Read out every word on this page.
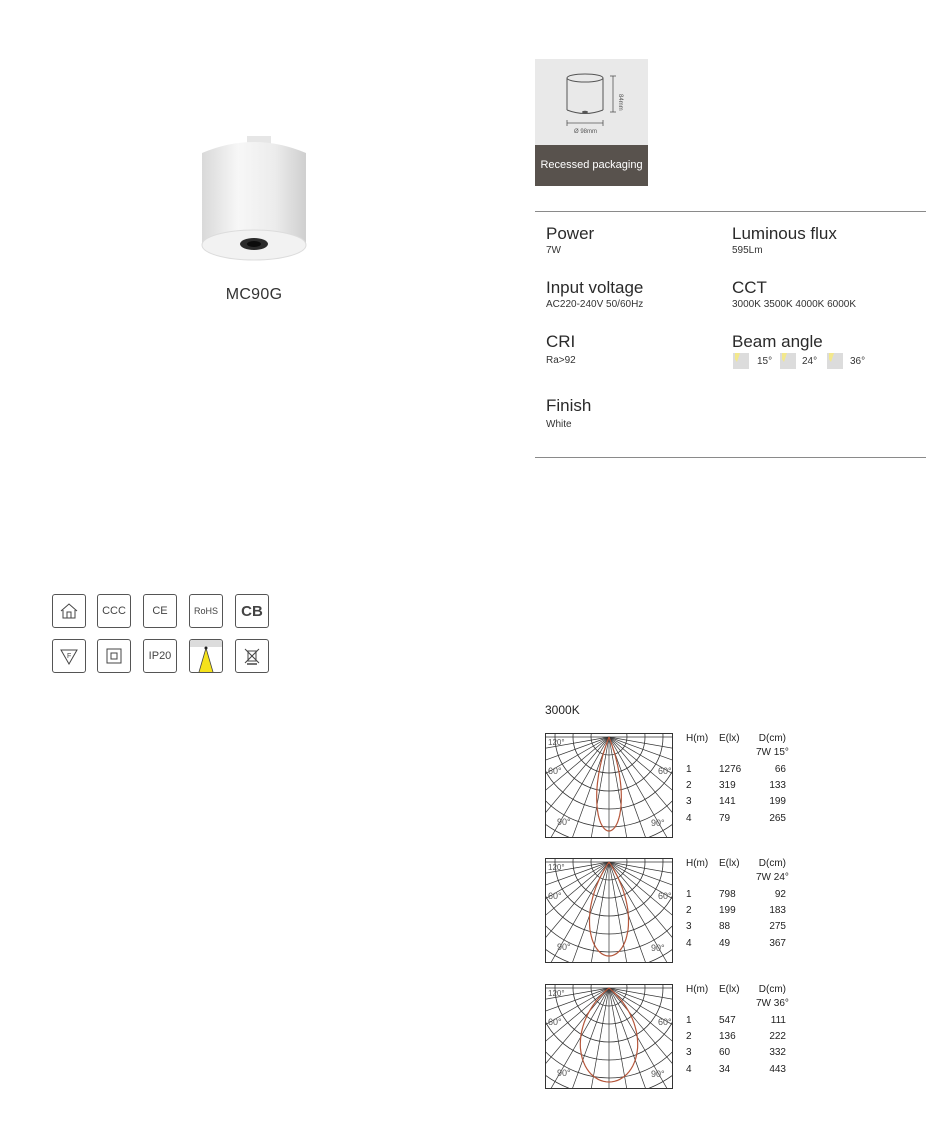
MC90G
84mm
Ø 98mm
Recessed packaging
Power
7W
Luminous flux
595Lm
Input voltage
AC220-240V 50/60Hz
CCT
3000K 3500K 4000K 6000K
CRI
Ra>92
Beam angle
15°	24°	36°
Finish
White
CCC	CE	RoHS	CB
F	IP20
3000K
120°
60°	60°
90°	90°
120°
60°	60°
90°	90°
120°
60°	60°
90°	90°
H(m) E(lx) D(cm)
7W 15°
1	1276	66
2	319	133
3	141	199
4	79	265
H(m) E(lx) D(cm)
7W 24°
1	798	92
2	199	183
3	88	275
4	49	367
H(m) E(lx) D(cm)
7W 36°
1	547	111
2	136	222
3	60	332
4	34	443
